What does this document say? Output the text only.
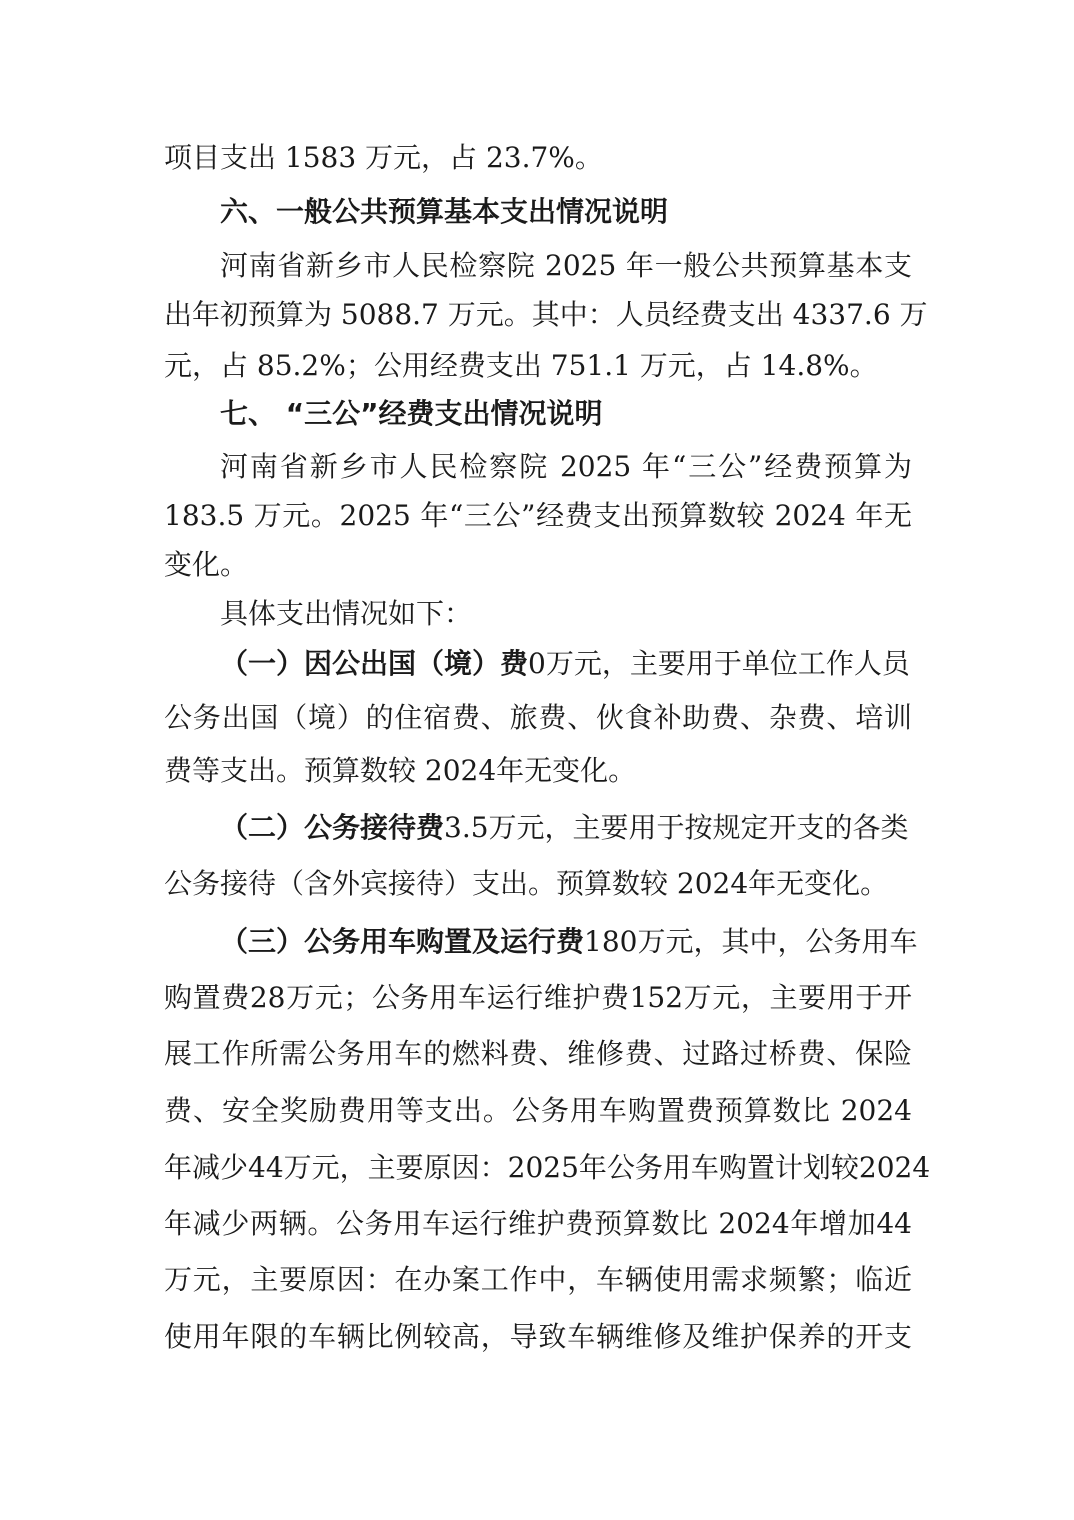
项目支出 1583 万元，占 23.7%。
六、一般公共预算基本支出情况说明
河南省新乡市人民检察院 2025 年一般公共预算基本支
出年初预算为 5088.7 万元。其中：人员经费支出 4337.6 万
元，占 85.2%；公用经费支出 751.1 万元，占 14.8%。
七、 “三公”经费支出情况说明
河南省新乡市人民检察院 2025 年“三公”经费预算为
183.5 万元。2025 年“三公”经费支出预算数较 2024 年无
变化。
具体支出情况如下：
（一）因公出国（境）费0万元，主要用于单位工作人员
公务出国（境）的住宿费、旅费、伙食补助费、杂费、培训
费等支出。预算数较 2024年无变化。
（二）公务接待费3.5万元，主要用于按规定开支的各类
公务接待（含外宾接待）支出。预算数较 2024年无变化。
（三）公务用车购置及运行费180万元，其中，公务用车
购置费28万元；公务用车运行维护费152万元，主要用于开
展工作所需公务用车的燃料费、维修费、过路过桥费、保险
费、安全奖励费用等支出。公务用车购置费预算数比 2024
年减少44万元，主要原因：2025年公务用车购置计划较2024
年减少两辆。公务用车运行维护费预算数比 2024年增加44
万元，主要原因：在办案工作中，车辆使用需求频繁；临近
使用年限的车辆比例较高，导致车辆维修及维护保养的开支
